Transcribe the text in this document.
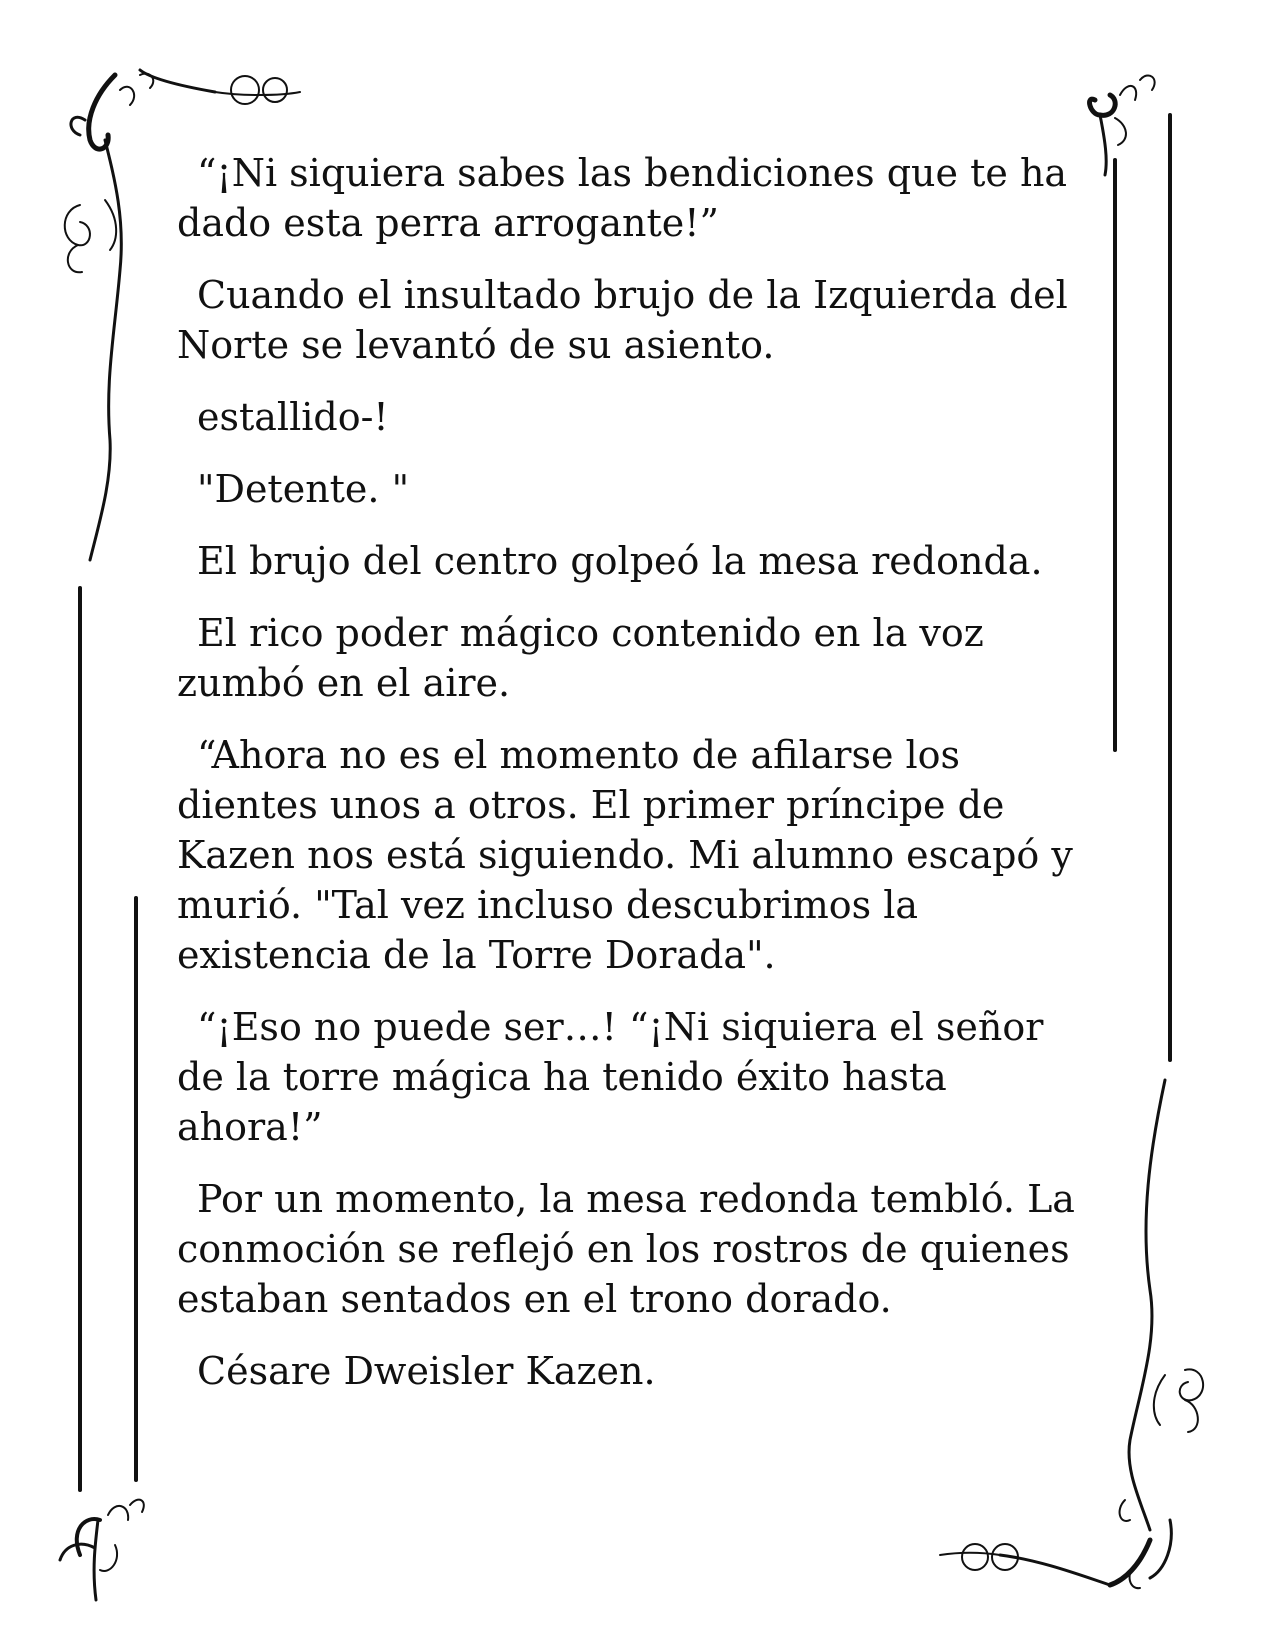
“¡Ni siquiera sabes las bendiciones que te ha
dado esta perra arrogante!”

Cuando el insultado brujo de la Izquierda del
Norte se levantó de su asiento.

estallido-!

"Detente. "

El brujo del centro golpeó la mesa redonda.

El rico poder mágico contenido en la voz
zumbó en el aire.

“Ahora no es el momento de afilarse los
dientes unos a otros. El primer príncipe de
Kazen nos está siguiendo. Mi alumno escapó y
murió. "Tal vez incluso descubrimos la
existencia de la Torre Dorada".

“¡Eso no puede ser…! “¡Ni siquiera el señor
de la torre mágica ha tenido éxito hasta
ahora!”

Por un momento, la mesa redonda tembló. La
conmoción se reflejó en los rostros de quienes
estaban sentados en el trono dorado.

Césare Dweisler Kazen.
